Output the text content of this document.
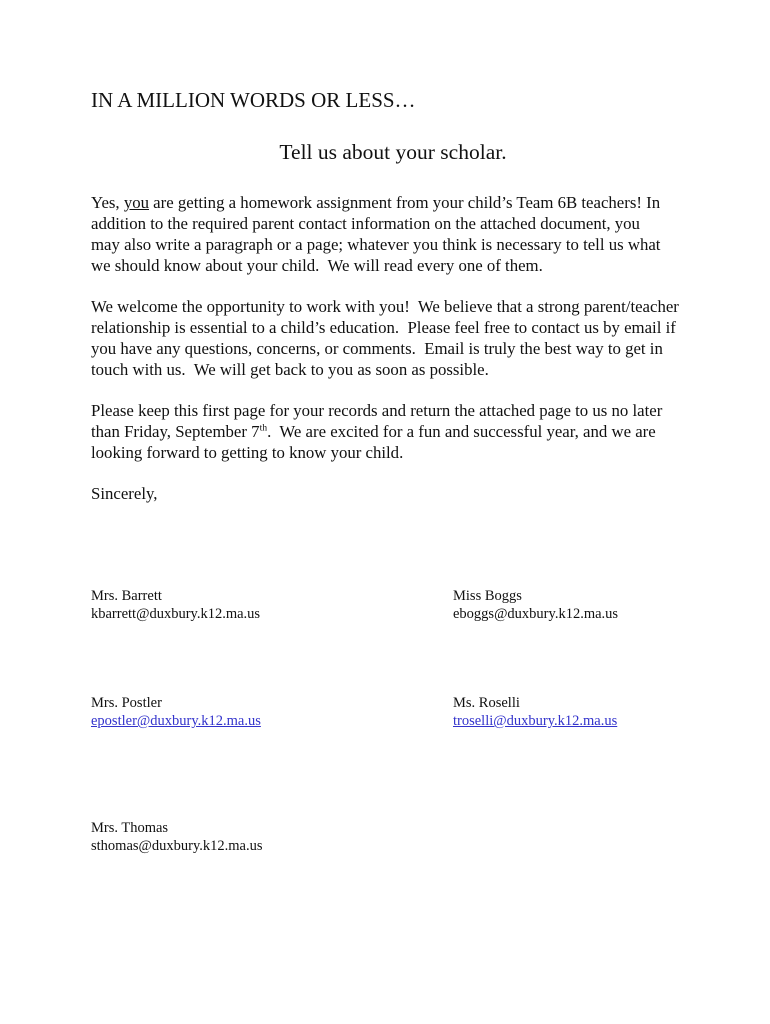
IN A MILLION WORDS OR LESS…
Tell us about your scholar.
Yes, you are getting a homework assignment from your child’s Team 6B teachers! In
addition to the required parent contact information on the attached document, you
may also write a paragraph or a page; whatever you think is necessary to tell us what
we should know about your child.  We will read every one of them.
We welcome the opportunity to work with you!  We believe that a strong parent/teacher
relationship is essential to a child’s education.  Please feel free to contact us by email if
you have any questions, concerns, or comments.  Email is truly the best way to get in
touch with us.  We will get back to you as soon as possible.
Please keep this first page for your records and return the attached page to us no later
than Friday, September 7th.  We are excited for a fun and successful year, and we are
looking forward to getting to know your child.
Sincerely,
Mrs. Barrett
kbarrett@duxbury.k12.ma.us
Miss Boggs
eboggs@duxbury.k12.ma.us
Mrs. Postler
epostler@duxbury.k12.ma.us
Ms. Roselli
troselli@duxbury.k12.ma.us
Mrs. Thomas
sthomas@duxbury.k12.ma.us
